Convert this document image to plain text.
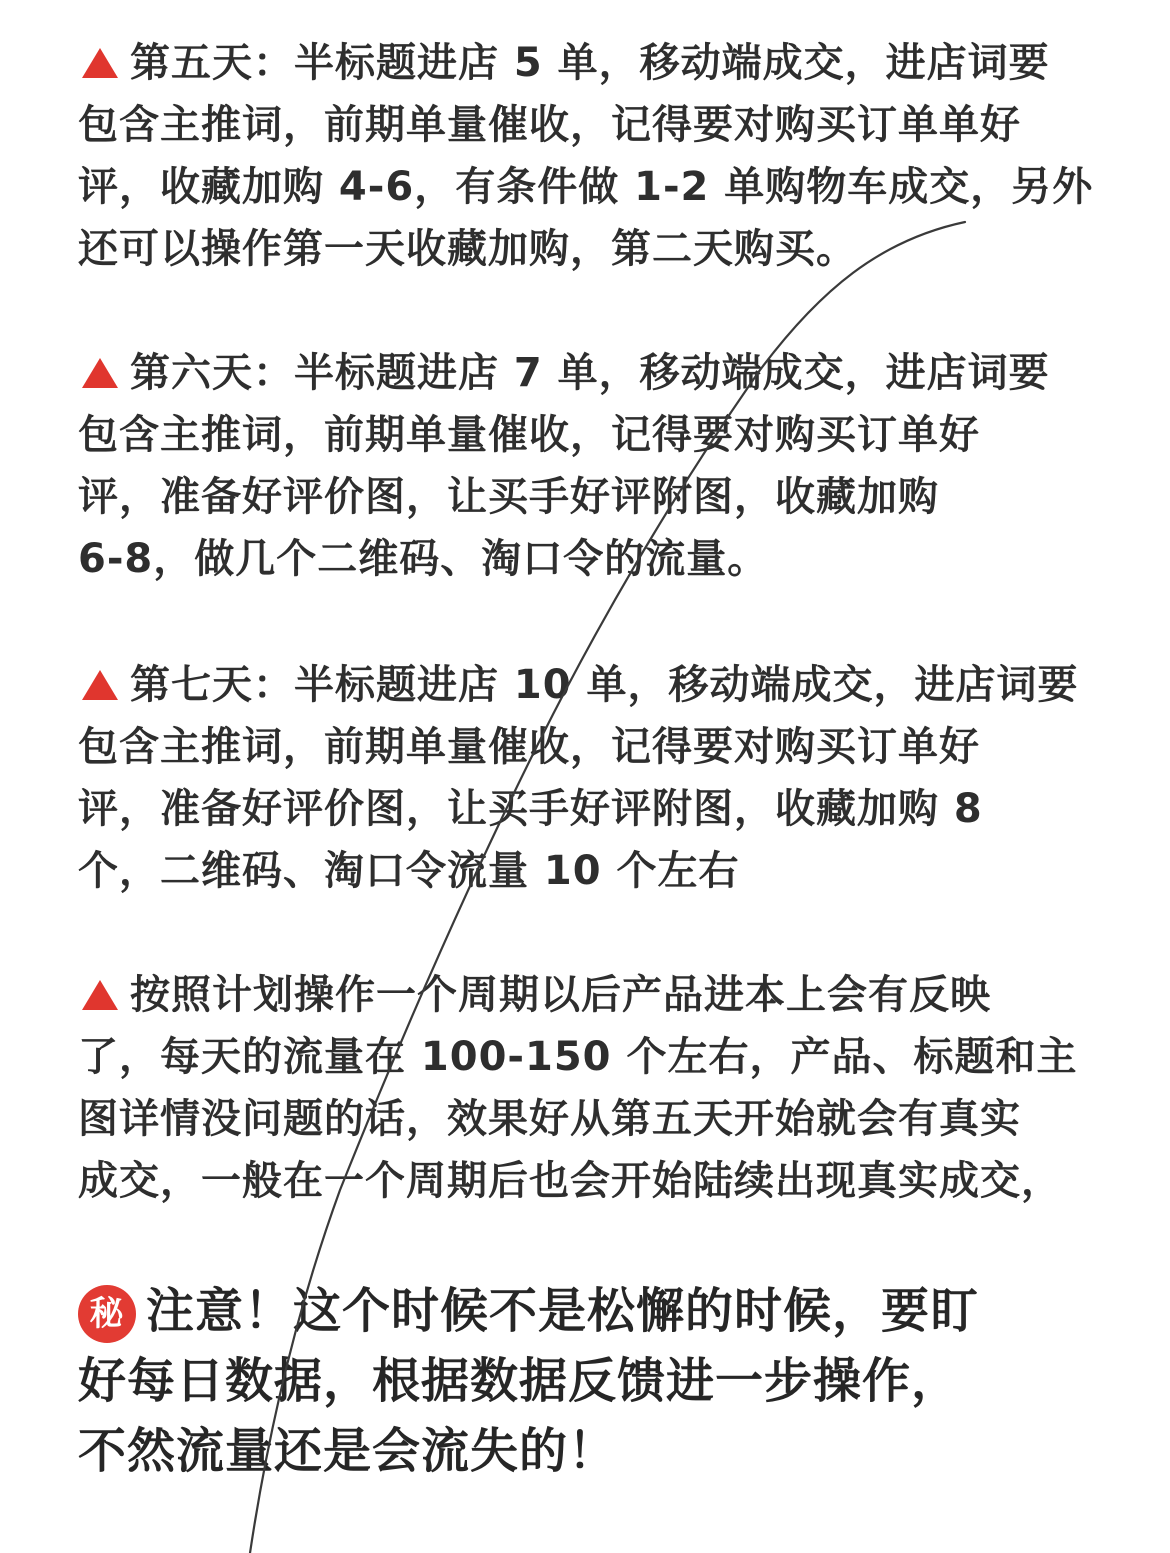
第五天：半标题进店 5 单，移动端成交，进店词要
包含主推词，前期单量催收，记得要对购买订单单好
评，收藏加购 4-6，有条件做 1-2 单购物车成交，另外
还可以操作第一天收藏加购，第二天购买。
第六天：半标题进店 7 单，移动端成交，进店词要
包含主推词，前期单量催收，记得要对购买订单好
评，准备好评价图，让买手好评附图，收藏加购
6-8，做几个二维码、淘口令的流量。
第七天：半标题进店 10 单，移动端成交，进店词要
包含主推词，前期单量催收，记得要对购买订单好
评，准备好评价图，让买手好评附图，收藏加购 8
个，二维码、淘口令流量 10 个左右
按照计划操作一个周期以后产品进本上会有反映
了，每天的流量在 100-150 个左右，产品、标题和主
图详情没问题的话，效果好从第五天开始就会有真实
成交，一般在一个周期后也会开始陆续出现真实成交，
秘 注意！这个时候不是松懈的时候，要盯
好每日数据，根据数据反馈进一步操作，
不然流量还是会流失的！
